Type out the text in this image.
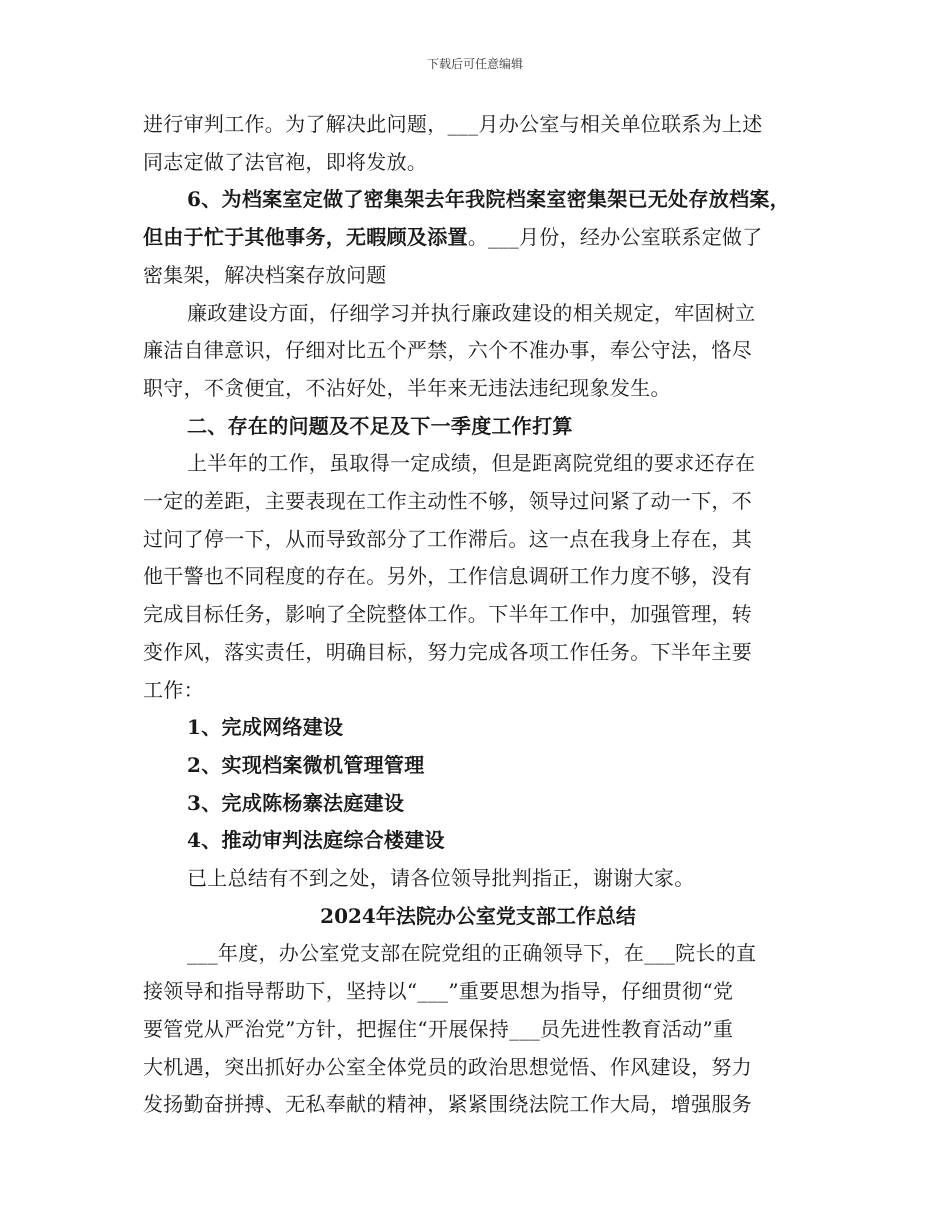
下载后可任意编辑
进行审判工作。为了解决此问题，___月办公室与相关单位联系为上述
同志定做了法官袍，即将发放。
6、为档案室定做了密集架去年我院档案室密集架已无处存放档案，
但由于忙于其他事务，无暇顾及添置。___月份，经办公室联系定做了
密集架，解决档案存放问题
廉政建设方面，仔细学习并执行廉政建设的相关规定，牢固树立
廉洁自律意识，仔细对比五个严禁，六个不准办事，奉公守法，恪尽
职守，不贪便宜，不沾好处，半年来无违法违纪现象发生。
二、存在的问题及不足及下一季度工作打算
上半年的工作，虽取得一定成绩，但是距离院党组的要求还存在
一定的差距，主要表现在工作主动性不够，领导过问紧了动一下，不
过问了停一下，从而导致部分了工作滞后。这一点在我身上存在，其
他干警也不同程度的存在。另外，工作信息调研工作力度不够，没有
完成目标任务，影响了全院整体工作。下半年工作中，加强管理，转
变作风，落实责任，明确目标，努力完成各项工作任务。下半年主要
工作：
1、完成网络建设
2、实现档案微机管理管理
3、完成陈杨寨法庭建设
4、推动审判法庭综合楼建设
已上总结有不到之处，请各位领导批判指正，谢谢大家。
2024年法院办公室党支部工作总结
___年度，办公室党支部在院党组的正确领导下，在___院长的直
接领导和指导帮助下，坚持以“___”重要思想为指导，仔细贯彻“党
要管党从严治党”方针，把握住“开展保持___员先进性教育活动”重
大机遇，突出抓好办公室全体党员的政治思想觉悟、作风建设，努力
发扬勤奋拼搏、无私奉献的精神，紧紧围绕法院工作大局，增强服务
